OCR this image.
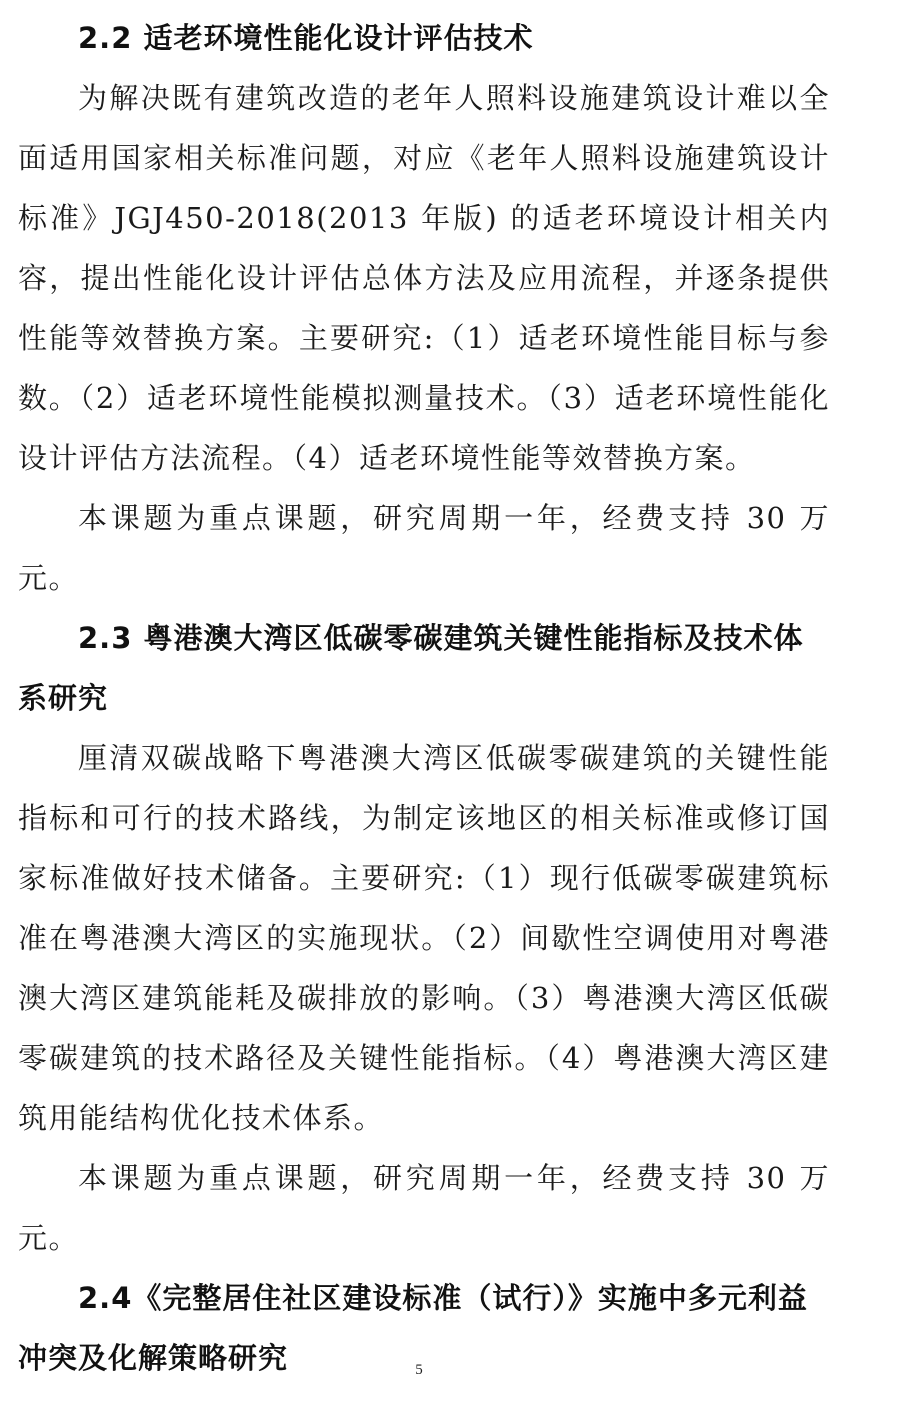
2.2 适老环境性能化设计评估技术

为解决既有建筑改造的老年人照料设施建筑设计难以全面适用国家相关标准问题，对应《老年人照料设施建筑设计标准》JGJ450-2018(2013 年版) 的适老环境设计相关内容，提出性能化设计评估总体方法及应用流程，并逐条提供性能等效替换方案。主要研究:（1）适老环境性能目标与参数。（2）适老环境性能模拟测量技术。（3）适老环境性能化设计评估方法流程。（4）适老环境性能等效替换方案。

本课题为重点课题，研究周期一年，经费支持 30 万元。

2.3 粤港澳大湾区低碳零碳建筑关键性能指标及技术体系研究

厘清双碳战略下粤港澳大湾区低碳零碳建筑的关键性能指标和可行的技术路线，为制定该地区的相关标准或修订国家标准做好技术储备。主要研究:（1）现行低碳零碳建筑标准在粤港澳大湾区的实施现状。（2）间歇性空调使用对粤港澳大湾区建筑能耗及碳排放的影响。（3）粤港澳大湾区低碳零碳建筑的技术路径及关键性能指标。（4）粤港澳大湾区建筑用能结构优化技术体系。

本课题为重点课题，研究周期一年，经费支持 30 万元。

2.4《完整居住社区建设标准（试行）》实施中多元利益冲突及化解策略研究	5
